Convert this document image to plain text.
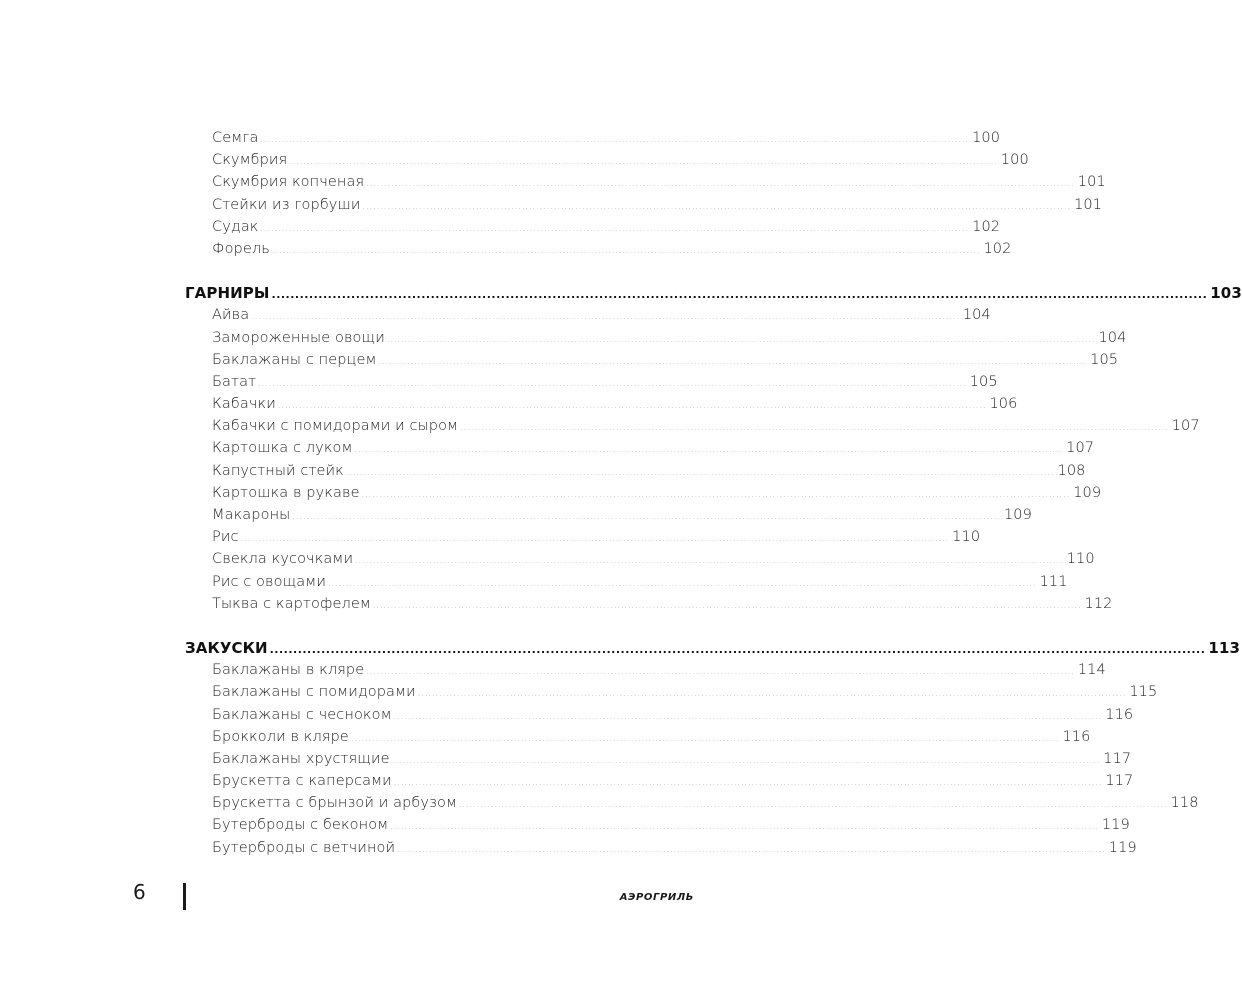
Семга ........................................................................................................................................................................................................ 100
Скумбрия ........................................................................................................................................................................................................ 100
Скумбрия копченая ........................................................................................................................................................................................................ 101
Стейки из горбуши ........................................................................................................................................................................................................ 101
Судак ........................................................................................................................................................................................................ 102
Форель ........................................................................................................................................................................................................ 102
ГАРНИРЫ ........................................................................................................................................................................................................ 103
Айва ........................................................................................................................................................................................................ 104
Замороженные овощи ........................................................................................................................................................................................................ 104
Баклажаны с перцем ........................................................................................................................................................................................................ 105
Батат ........................................................................................................................................................................................................ 105
Кабачки ........................................................................................................................................................................................................ 106
Кабачки с помидорами и сыром ........................................................................................................................................................................................................ 107
Картошка с луком ........................................................................................................................................................................................................ 107
Капустный стейк ........................................................................................................................................................................................................ 108
Картошка в рукаве ........................................................................................................................................................................................................ 109
Макароны ........................................................................................................................................................................................................ 109
Рис ........................................................................................................................................................................................................ 110
Свекла кусочками ........................................................................................................................................................................................................ 110
Рис с овощами ........................................................................................................................................................................................................ 111
Тыква с картофелем ........................................................................................................................................................................................................ 112
ЗАКУСКИ ........................................................................................................................................................................................................ 113
Баклажаны в кляре ........................................................................................................................................................................................................ 114
Баклажаны с помидорами ........................................................................................................................................................................................................ 115
Баклажаны с чесноком ........................................................................................................................................................................................................ 116
Брокколи в кляре ........................................................................................................................................................................................................ 116
Баклажаны хрустящие ........................................................................................................................................................................................................ 117
Брускетта с каперсами ........................................................................................................................................................................................................ 117
Брускетта с брынзой и арбузом ........................................................................................................................................................................................................ 118
Бутерброды с беконом ........................................................................................................................................................................................................ 119
Бутерброды с ветчиной ........................................................................................................................................................................................................ 119
6	АЭРОГРИЛЬ
